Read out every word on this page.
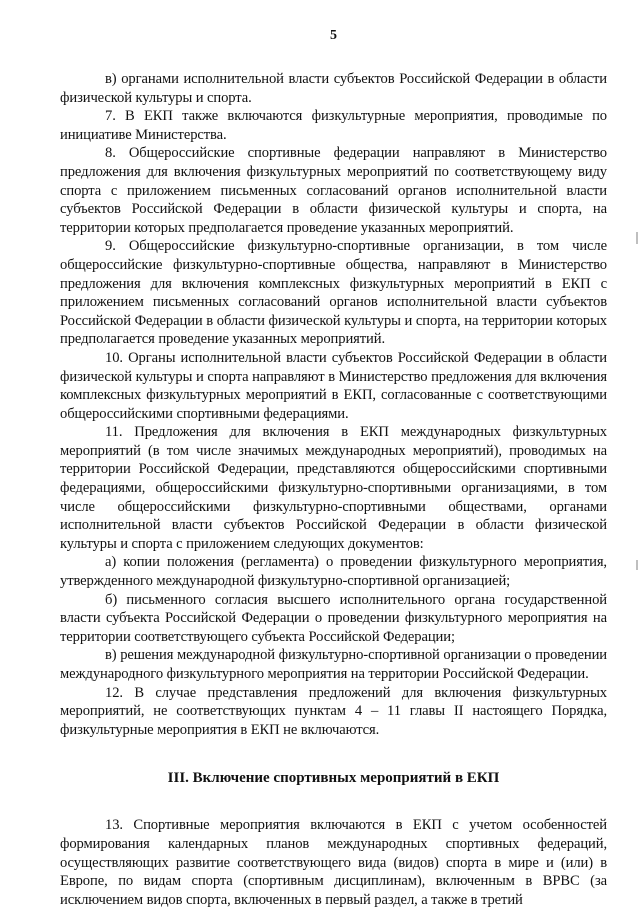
5

в) органами исполнительной власти субъектов Российской Федерации в области физической культуры и спорта.

7. В ЕКП также включаются физкультурные мероприятия, проводимые по инициативе Министерства.

8. Общероссийские спортивные федерации направляют в Министерство предложения для включения физкультурных мероприятий по соответствующему виду спорта с приложением письменных согласований органов исполнительной власти субъектов Российской Федерации в области физической культуры и спорта, на территории которых предполагается проведение указанных мероприятий.

9. Общероссийские физкультурно-спортивные организации, в том числе общероссийские физкультурно-спортивные общества, направляют в Министерство предложения для включения комплексных физкультурных мероприятий в ЕКП с приложением письменных согласований органов исполнительной власти субъектов Российской Федерации в области физической культуры и спорта, на территории которых предполагается проведение указанных мероприятий.

10. Органы исполнительной власти субъектов Российской Федерации в области физической культуры и спорта направляют в Министерство предложения для включения комплексных физкультурных мероприятий в ЕКП, согласованные с соответствующими общероссийскими спортивными федерациями.

11. Предложения для включения в ЕКП международных физкультурных мероприятий (в том числе значимых международных мероприятий), проводимых на территории Российской Федерации, представляются общероссийскими спортивными федерациями, общероссийскими физкультурно-спортивными организациями, в том числе общероссийскими физкультурно-спортивными обществами, органами исполнительной власти субъектов Российской Федерации в области физической культуры и спорта с приложением следующих документов:

а) копии положения (регламента) о проведении физкультурного мероприятия, утвержденного международной физкультурно-спортивной организацией;

б) письменного согласия высшего исполнительного органа государственной власти субъекта Российской Федерации о проведении физкультурного мероприятия на территории соответствующего субъекта Российской Федерации;

в) решения международной физкультурно-спортивной организации о проведении международного физкультурного мероприятия на территории Российской Федерации.

12. В случае представления предложений для включения физкультурных мероприятий, не соответствующих пунктам 4 – 11 главы II настоящего Порядка, физкультурные мероприятия в ЕКП не включаются.

III. Включение спортивных мероприятий в ЕКП

13. Спортивные мероприятия включаются в ЕКП с учетом особенностей формирования календарных планов международных спортивных федераций, осуществляющих развитие соответствующего вида (видов) спорта в мире и (или) в Европе, по видам спорта (спортивным дисциплинам), включенным в ВРВС (за исключением видов спорта, включенных в первый раздел, а также в третий
